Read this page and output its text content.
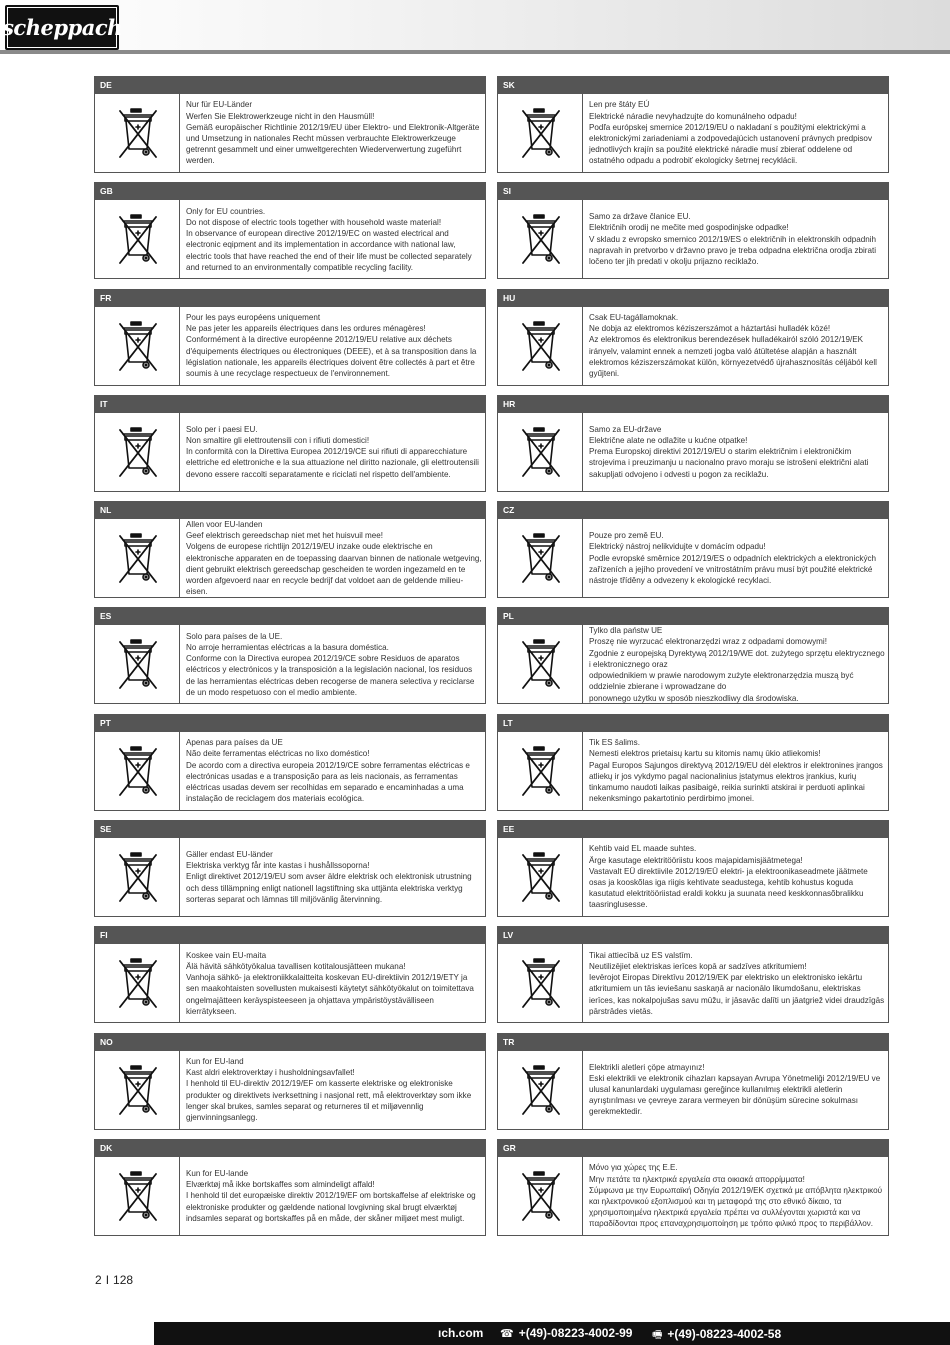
scheppach
DE

Nur für EU-Länder
Werfen Sie Elektrowerkzeuge nicht in den Hausmüll!
Gemäß europäischer Richtlinie 2012/19/EU über Elektro- und Elektronik-Altgeräte und Umsetzung in nationales Recht müssen verbrauchte Elektrowerkzeuge getrennt gesammelt und einer umweltgerechten Wiederverwertung zugeführt werden.

GB

Only for EU countries.
Do not dispose of electric tools together with household waste material!
In observance of european directive 2012/19/EC on wasted electrical and electronic eqipment and its implementation in accordance with national law, electric tools that have reached the end of their life must be collected separately and returned to an environmentally compatible recycling facility.

FR

Pour les pays européens uniquement
Ne pas jeter les appareils électriques dans les ordures ménagères!
Conformément à la directive européenne 2012/19/EU relative aux déchets d'équipements électriques ou électroniques (DEEE), et à sa transposition dans la législation nationale, les appareils électriques doivent être collectés à part et être soumis à une recyclage respectueux de l'environnement.

IT

Solo per i paesi EU.
Non smaltire gli elettroutensili con i rifiuti domestici!
In conformità con la Direttiva Europea 2012/19/CE sui rifiuti di apparecchiature elettriche ed elettroniche e la sua attuazione nel diritto nazionale, gli elettroutensili devono essere raccolti separatamente e riciclati nel rispetto dell'ambiente.

NL

Allen voor EU-landen
Geef elektrisch gereedschap niet met het huisvuil mee!
Volgens de europese richtlijn 2012/19/EU inzake oude elektrische en elektronische apparaten en de toepassing daarvan binnen de nationale wetgeving, dient gebruikt elektrisch gereedschap gescheiden te worden ingezameld en te worden afgevoerd naar en recycle bedrijf dat voldoet aan de geldende milieu-eisen.

ES

Solo para países de la UE.
No arroje herramientas eléctricas a la basura doméstica.
Conforme con la Directiva europea 2012/19/CE sobre Residuos de aparatos eléctricos y electrónicos y la transposición a la legislación nacional, los residuos de las herramientas eléctricas deben recogerse de manera selectiva y reciclarse de un modo respetuoso con el medio ambiente.

PT

Apenas para países da UE
Não deite ferramentas eléctricas no lixo doméstico!
De acordo com a directiva europeia 2012/19/CE sobre ferramentas eléctricas e electrónicas usadas e a transposição para as leis nacionais, as ferramentas eléctricas usadas devem ser recolhidas em separado e encaminhadas a uma instalação de reciclagem dos materiais ecológica.

SE

Gäller endast EU-länder
Elektriska verktyg får inte kastas i hushållssoporna!
Enligt direktivet 2012/19/EU som avser äldre elektrisk och elektronisk utrustning och dess tillämpning enligt nationell lagstiftning ska uttjänta elektriska verktyg sorteras separat och lämnas till miljövänlig återvinning.

FI

Koskee vain EU-maita
Älä hävitä sähkötyökalua tavallisen kotitalousjätteen mukana!
Vanhoja sähkö- ja elektroniikkalaitteita koskevan EU-direktiivin 2012/19/ETY ja sen maakohtaisten sovellusten mukaisesti käytetyt sähkötyökalut on toimitettava ongelmajätteen keräyspisteeseen ja ohjattava ympäristöystävälliseen kierrätykseen.

NO

Kun for EU-land
Kast aldri elektroverktøy i husholdningsavfallet!
I henhold til EU-direktiv 2012/19/EF om kasserte elektriske og elektroniske produkter og direktivets iverksettning i nasjonal rett, må elektroverktøy som ikke lenger skal brukes, samles separat og returneres til et miljøvennlig gjenvinningsanlegg.

DK

Kun for EU-lande
Elværktøj må ikke bortskaffes som almindeligt affald!
I henhold til det europæiske direktiv 2012/19/EF om bortskaffelse af elektriske og elektroniske produkter og gældende national lovgivning skal brugt elværktøj indsamles separat og bortskaffes på en måde, der skåner miljøet mest muligt.

SK

Len pre štáty EÚ
Elektrické náradie nevyhadzujte do komunálneho odpadu!
Podľa európskej smernice 2012/19/EU o nakladaní s použitými elektrickými a elektronickými zariadeniami a zodpovedajúcich ustanovení právnych predpisov jednotlivých krajín sa použité elektrické náradie musí zbierať oddelene od ostatného odpadu a podrobiť ekologicky šetrnej recyklácii.

SI

Samo za države članice EU.
Električnih orodij ne mečite med gospodinjske odpadke!
V skladu z evropsko smernico 2012/19/ES o električnih in elektronskih odpadnih napravah in pretvorbo v državno pravo je treba odpadna električna orodja zbirati ločeno ter jih predati v okolju prijazno reciklažo.

HU

Csak EU-tagállamoknak.
Ne dobja az elektromos kéziszerszámot a háztartási hulladék közé!
Az elektromos és elektronikus berendezések hulladékairól szóló 2012/19/EK irányelv, valamint ennek a nemzeti jogba való átültetése alapján a használt elektromos kéziszerszámokat külön, környezetvédő újrahasznosítás céljából kell gyűjteni.

HR

Samo za EU-države
Električne alate ne odlažite u kućne otpatke!
Prema Europskoj direktivi 2012/19/EU o starim električnim i elektroničkim strojevima i preuzimanju u nacionalno pravo moraju se istrošeni električni alati sakupljati odvojeno i odvesti u pogon za reciklažu.

CZ

Pouze pro země EU.
Elektrický nástroj nelikvidujte v domácím odpadu!
Podle evropské směrnice 2012/19/ES o odpadních elektrických a elektronických zařízeních a jejího provedení ve vnitrostátním právu musí být použité elektrické nástroje tříděny a odvezeny k ekologické recyklaci.

PL

Tylko dla państw UE
Proszę nie wyrzucać elektronarzędzi wraz z odpadami domowymi!
Zgodnie z europejską Dyrektywą 2012/19/WE dot. zużytego sprzętu elektrycznego i elektronicznego oraz
odpowiednikiem w prawie narodowym zużyte elektronarzędzia muszą być oddzielnie zbierane i wprowadzane do
ponownego użytku w sposób nieszkodliwy dla środowiska.

LT

Tik ES šalims.
Nemesti elektros prietaisų kartu su kitomis namų ūkio atliekomis!
Pagal Europos Sąjungos direktyvą 2012/19/EU dėl elektros ir elektronines įrangos atliekų ir jos vykdymo pagal nacionalinius įstatymus elektros įrankius, kurių tinkamumo naudoti laikas pasibaigė, reikia surinkti atskirai ir perduoti aplinkai nekenksmingo pakartotinio perdirbimo įmonei.

EE

Kehtib vaid EL maade suhtes.
Ärge kasutage elektritööriistu koos majapidamisjäätmetega!
Vastavalt EÜ direktiivile 2012/19/EÜ elektri- ja elektroonikaseadmete jäätmete osas ja kooskõlas iga riigis kehtivate seadustega, kehtib kohustus koguda kasutatud elektritööriistad eraldi kokku ja suunata need keskkonnasõbralikku taasringlusesse.

LV

Tikai attiecībā uz ES valstīm.
Neutilizējiet elektriskas ierīces kopā ar sadzīves atkritumiem!
Ievērojot Eiropas Direktīvu 2012/19/EK par elektrisko un elektronisko iekārtu atkritumiem un tās ieviešanu saskaņā ar nacionālo likumdošanu, elektriskas ierīces, kas nokalpojušas savu mūžu, ir jāsavāc dalīti un jāatgriež videi draudzīgās pārstrādes vietās.

TR

Elektrikli aletleri çöpe atmayınız!
Eski elektrikli ve elektronik cihazları kapsayan Avrupa Yönetmeliği 2012/19/EU ve ulusal kanunlardaki uygulaması gereğince kullanılmış elektrikli aletlerin ayrıştırılması ve çevreye zarara vermeyen bir dönüşüm sürecine sokulması gerekmektedir.

GR

Μόνο για χώρες της Ε.Ε.
Μην πετάτε τα ηλεκτρικά εργαλεία στα οικιακά απορρίμματα!
Σύμφωνα με την Ευρωπαϊκή Οδηγία 2012/19/ΕΚ σχετικά με απόβλητα ηλεκτρικού και ηλεκτρονικού εξοπλισμού και τη μεταφορά της στο εθνικό δίκαιο, τα χρησιμοποιημένα ηλεκτρικά εργαλεία πρέπει να συλλέγονται χωριστά και να παραδίδονται προς επαναχρησιμοποίηση με τρόπο φιλικό προς το περιβάλλον.

2 I 128
ıch.com ☎ +(49)-08223-4002-99 🖷 +(49)-08223-4002-58
